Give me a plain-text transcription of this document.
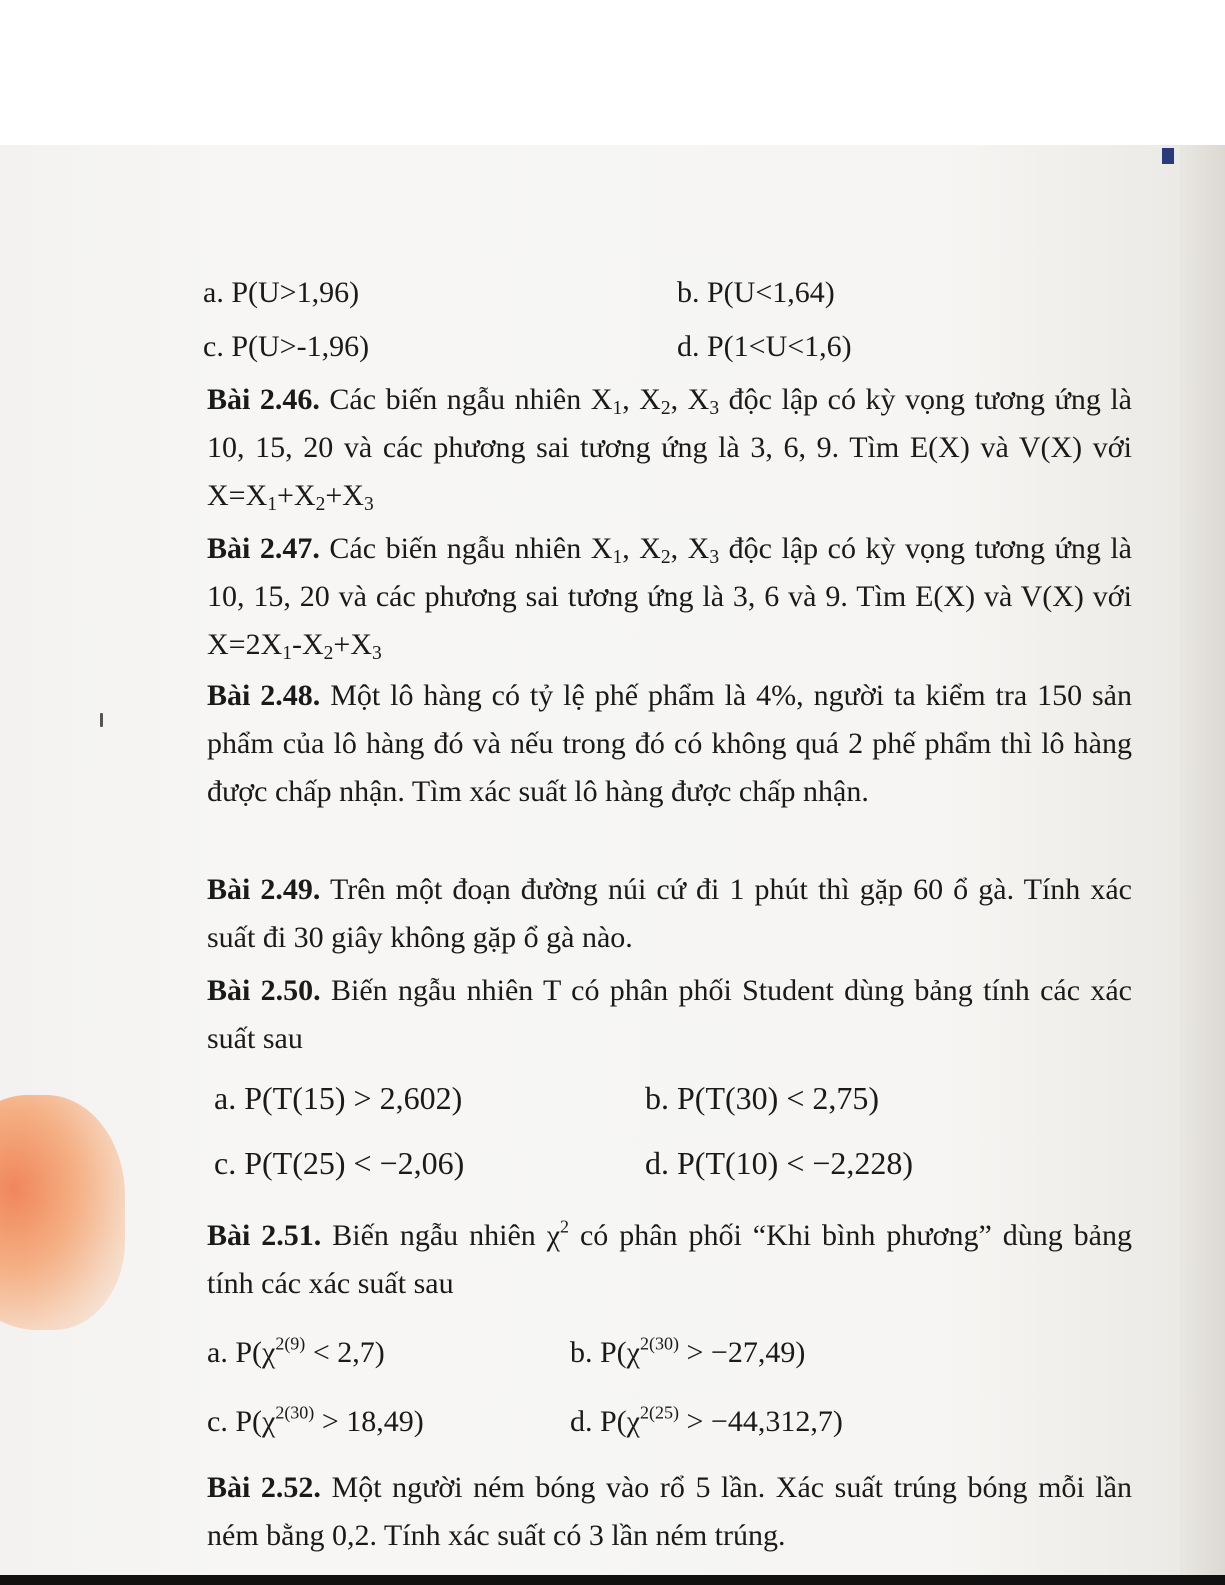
a. P(U>1,96)	b. P(U<1,64)
c. P(U>-1,96)	d. P(1<U<1,6)
Bài 2.46. Các biến ngẫu nhiên $X_1$, $X_2$, $X_3$ độc lập có kỳ vọng tương ứng là 10, 15, 20 và các phương sai tương ứng là 3, 6, 9. Tìm E(X) và V(X) với $X=X_1+X_2+X_3$
Bài 2.47. Các biến ngẫu nhiên $X_1$, $X_2$, $X_3$ độc lập có kỳ vọng tương ứng là 10, 15, 20 và các phương sai tương ứng là 3, 6 và 9. Tìm E(X) và V(X) với $X=2X_1-X_2+X_3$
Bài 2.48. Một lô hàng có tỷ lệ phế phẩm là 4%, người ta kiểm tra 150 sản phẩm của lô hàng đó và nếu trong đó có không quá 2 phế phẩm thì lô hàng được chấp nhận. Tìm xác suất lô hàng được chấp nhận.
Bài 2.49. Trên một đoạn đường núi cứ đi 1 phút thì gặp 60 ổ gà. Tính xác suất đi 30 giây không gặp ổ gà nào.
Bài 2.50. Biến ngẫu nhiên T có phân phối Student dùng bảng tính các xác suất sau
a. P(T(15) > 2,602)	b. P(T(30) < 2,75)
c. P(T(25) < −2,06)	d. P(T(10) < −2,228)
Bài 2.51. Biến ngẫu nhiên $\chi^2$ có phân phối “Khi bình phương” dùng bảng tính các xác suất sau
a. $P(\chi^{2(9)} < 2,7)$	b. $P(\chi^{2(30)} > -27,49)$
c. $P(\chi^{2(30)} > 18,49)$	d. $P(\chi^{2(25)} > -44,312,7)$
Bài 2.52. Một người ném bóng vào rổ 5 lần. Xác suất trúng bóng mỗi lần ném bằng 0,2. Tính xác suất có 3 lần ném trúng.
